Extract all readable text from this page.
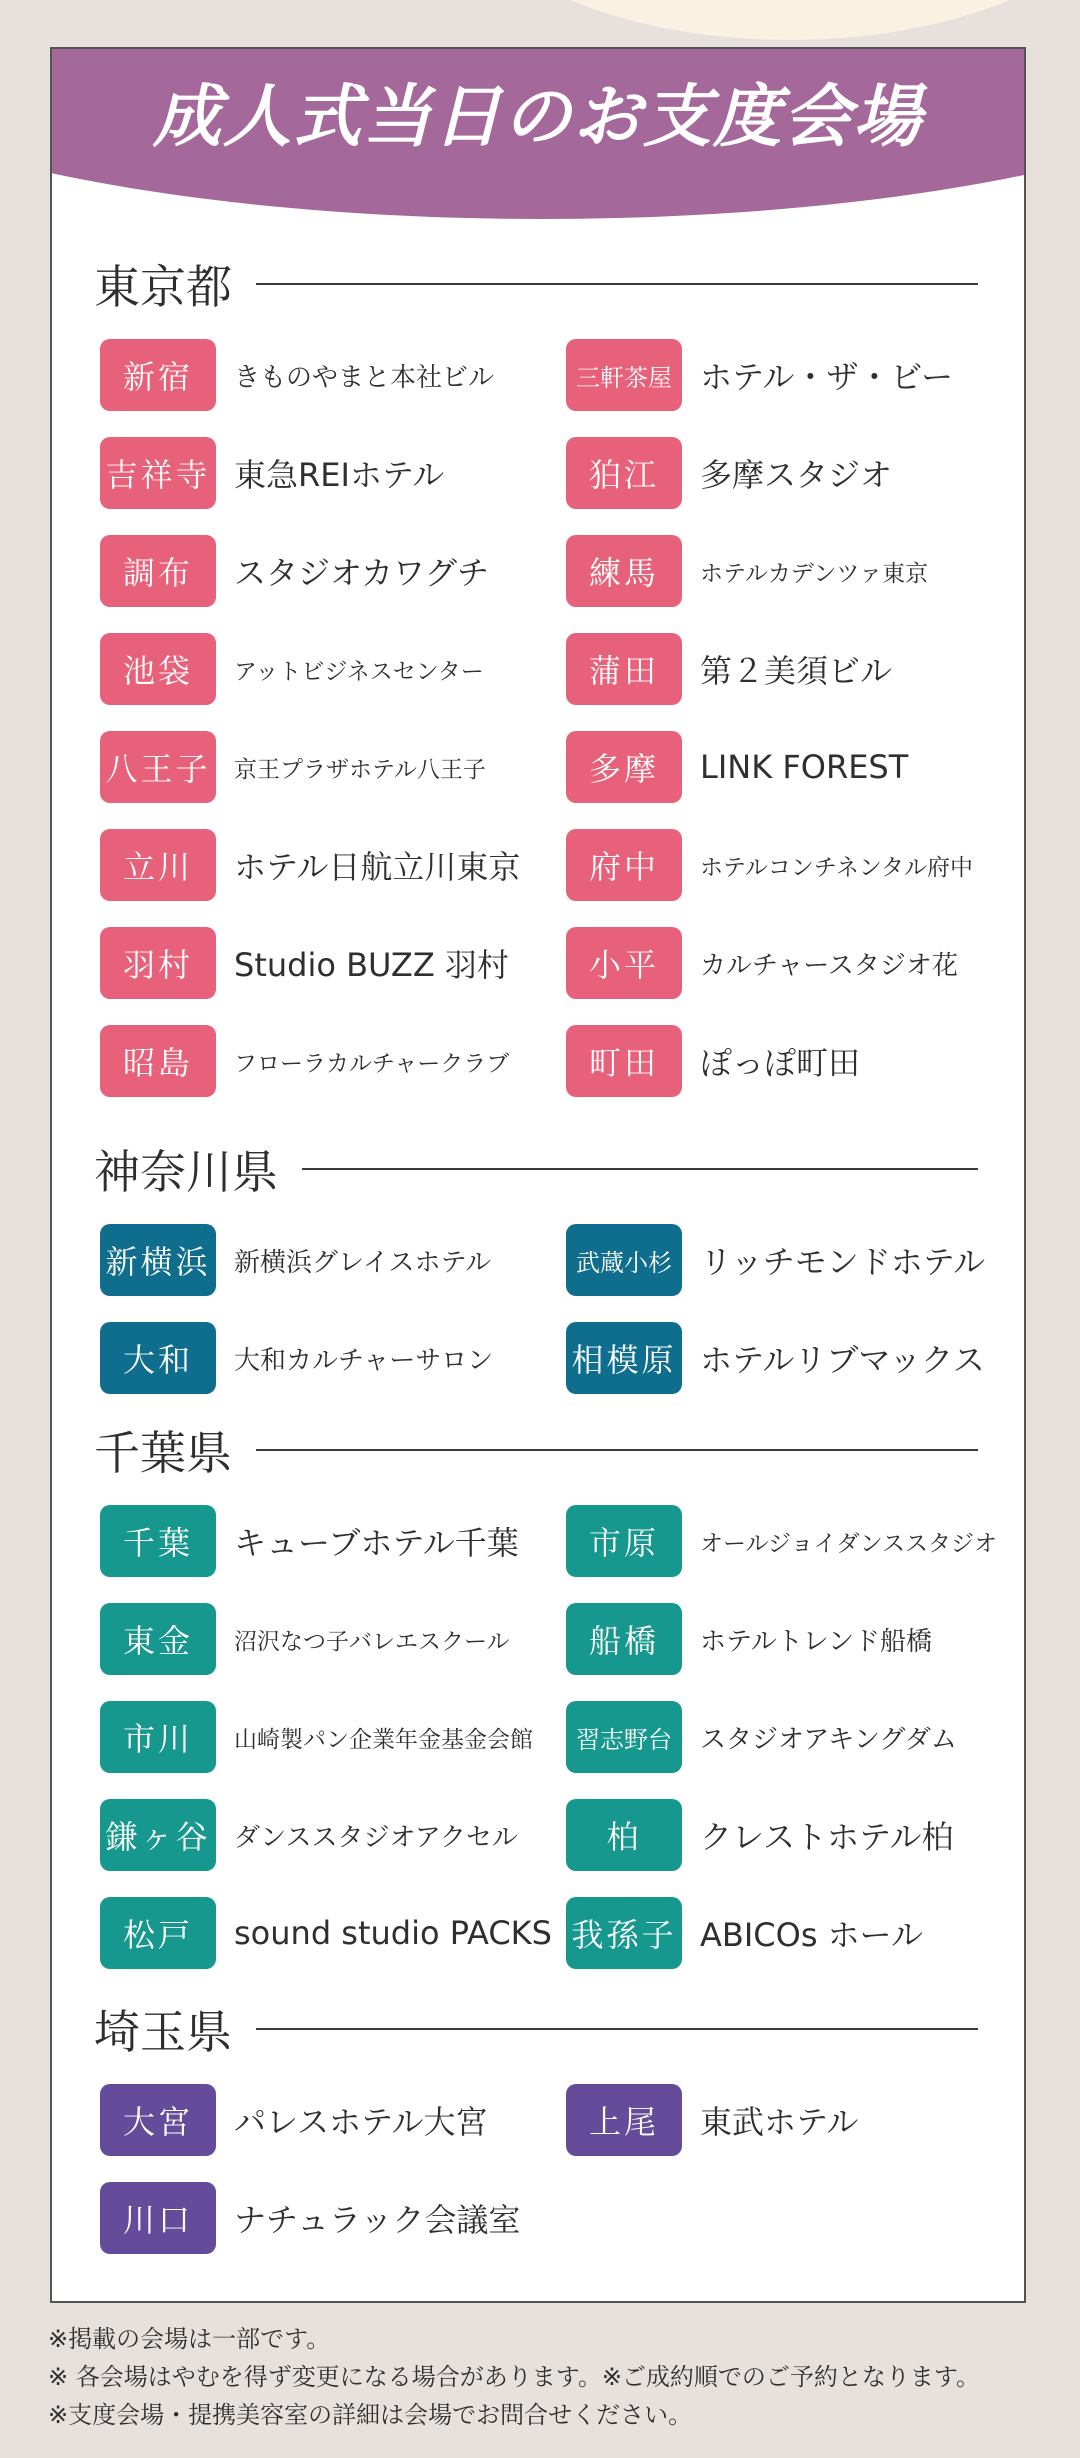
成人式当日のお支度会場
東京都
新宿	きものやまと本社ビル	三軒茶屋 ホテル・ザ・ビー
吉祥寺 東急REIホテル	狛江	多摩スタジオ
調布	スタジオカワグチ	練馬	ホテルカデンツァ東京
池袋	アットビジネスセンター	蒲田	第２美須ビル
八王子 京王プラザホテル八王子	多摩	LINK FOREST
立川	ホテル日航立川東京	府中	ホテルコンチネンタル府中
羽村	Studio BUZZ 羽村	小平	カルチャースタジオ花
昭島	フローラカルチャークラブ	町田	ぽっぽ町田
神奈川県
新横浜 新横浜グレイスホテル	武蔵小杉 リッチモンドホテル
大和	大和カルチャーサロン 相模原 ホテルリブマックス
千葉県
千葉	キューブホテル千葉	市原	オールジョイダンススタジオ
東金	沼沢なつ子バレエスクール	船橋	ホテルトレンド船橋
市川	山崎製パン企業年金基金会館	習志野台	スタジオアキングダム
鎌ヶ谷 ダンススタジオアクセル	柏	クレストホテル柏
松戸	sound studio PACKS 我孫子 ABICOs ホール
埼玉県
大宮	パレスホテル大宮	上尾	東武ホテル
川口	ナチュラック会議室
※掲載の会場は一部です。
※ 各会場はやむを得ず変更になる場合があります。※ご成約順でのご予約となります。
※支度会場・提携美容室の詳細は会場でお問合せください。
